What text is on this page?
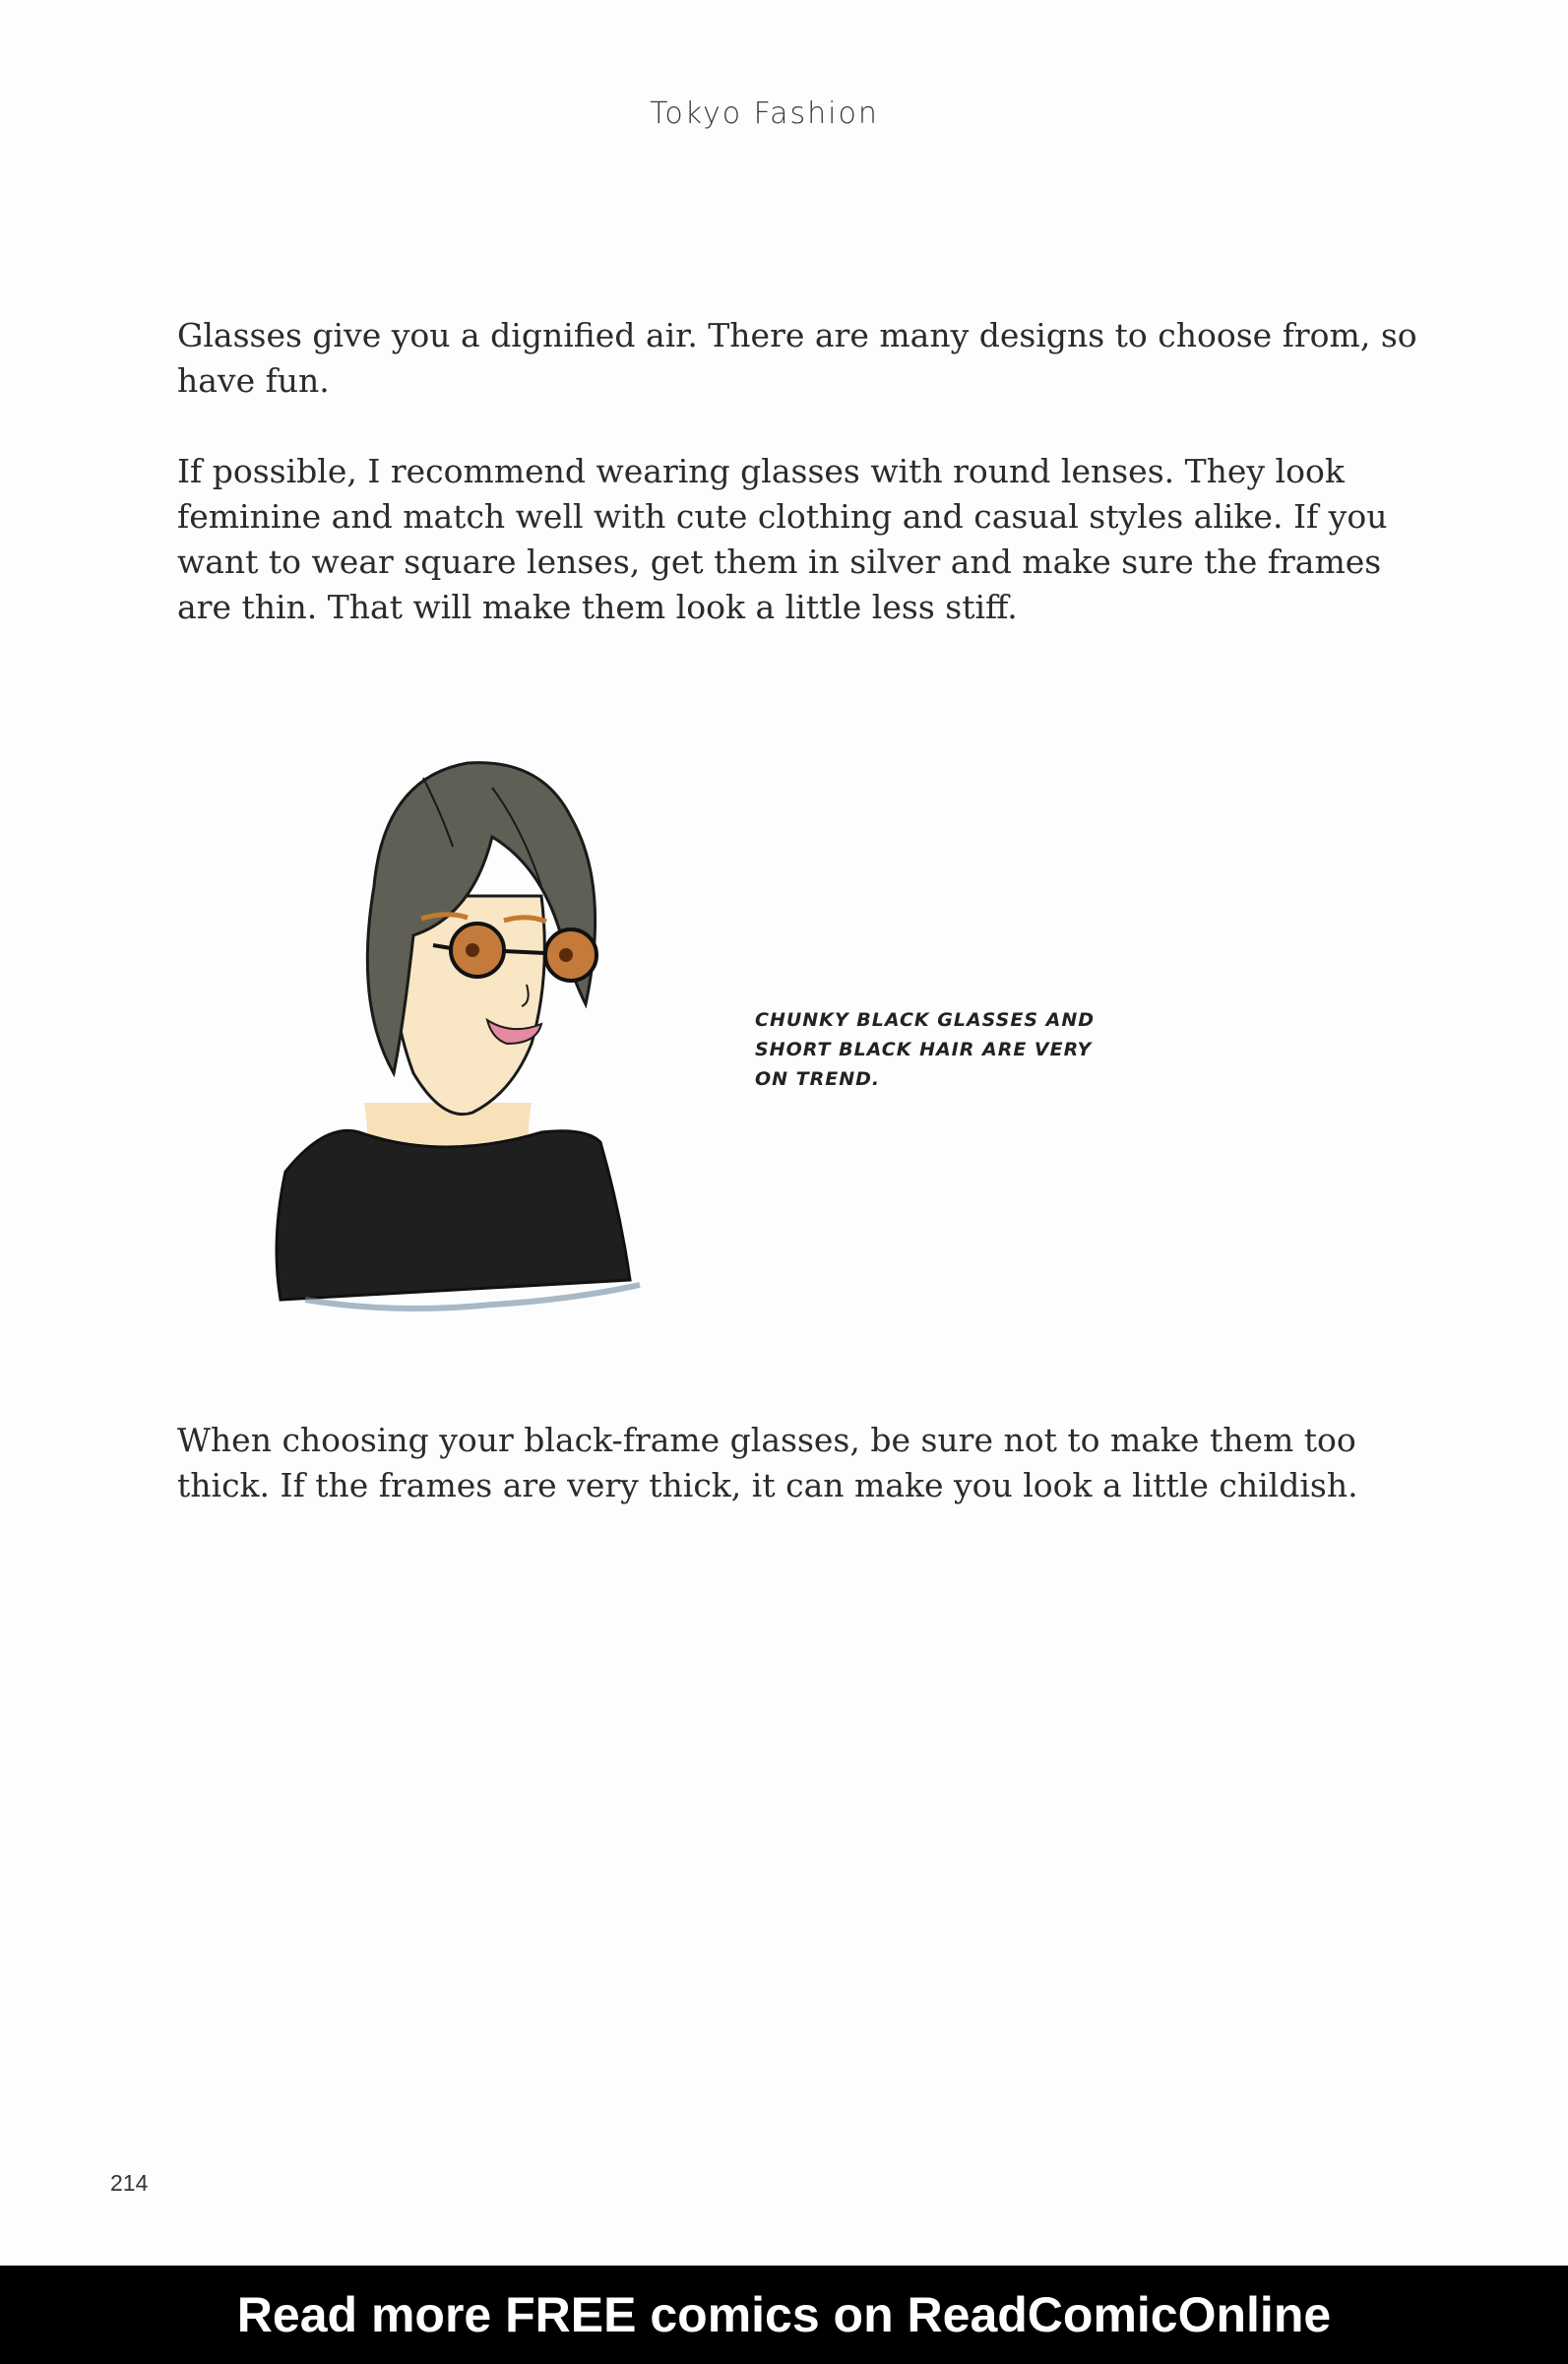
Tokyo Fashion

Glasses give you a dignified air. There are many designs to choose from, so have fun.

If possible, I recommend wearing glasses with round lenses. They look feminine and match well with cute clothing and casual styles alike. If you want to wear square lenses, get them in silver and make sure the frames are thin. That will make them look a little less stiff.

CHUNKY BLACK GLASSES AND SHORT BLACK HAIR ARE VERY ON TREND.

When choosing your black-frame glasses, be sure not to make them too thick. If the frames are very thick, it can make you look a little childish.

214
Read more FREE comics on ReadComicOnline
